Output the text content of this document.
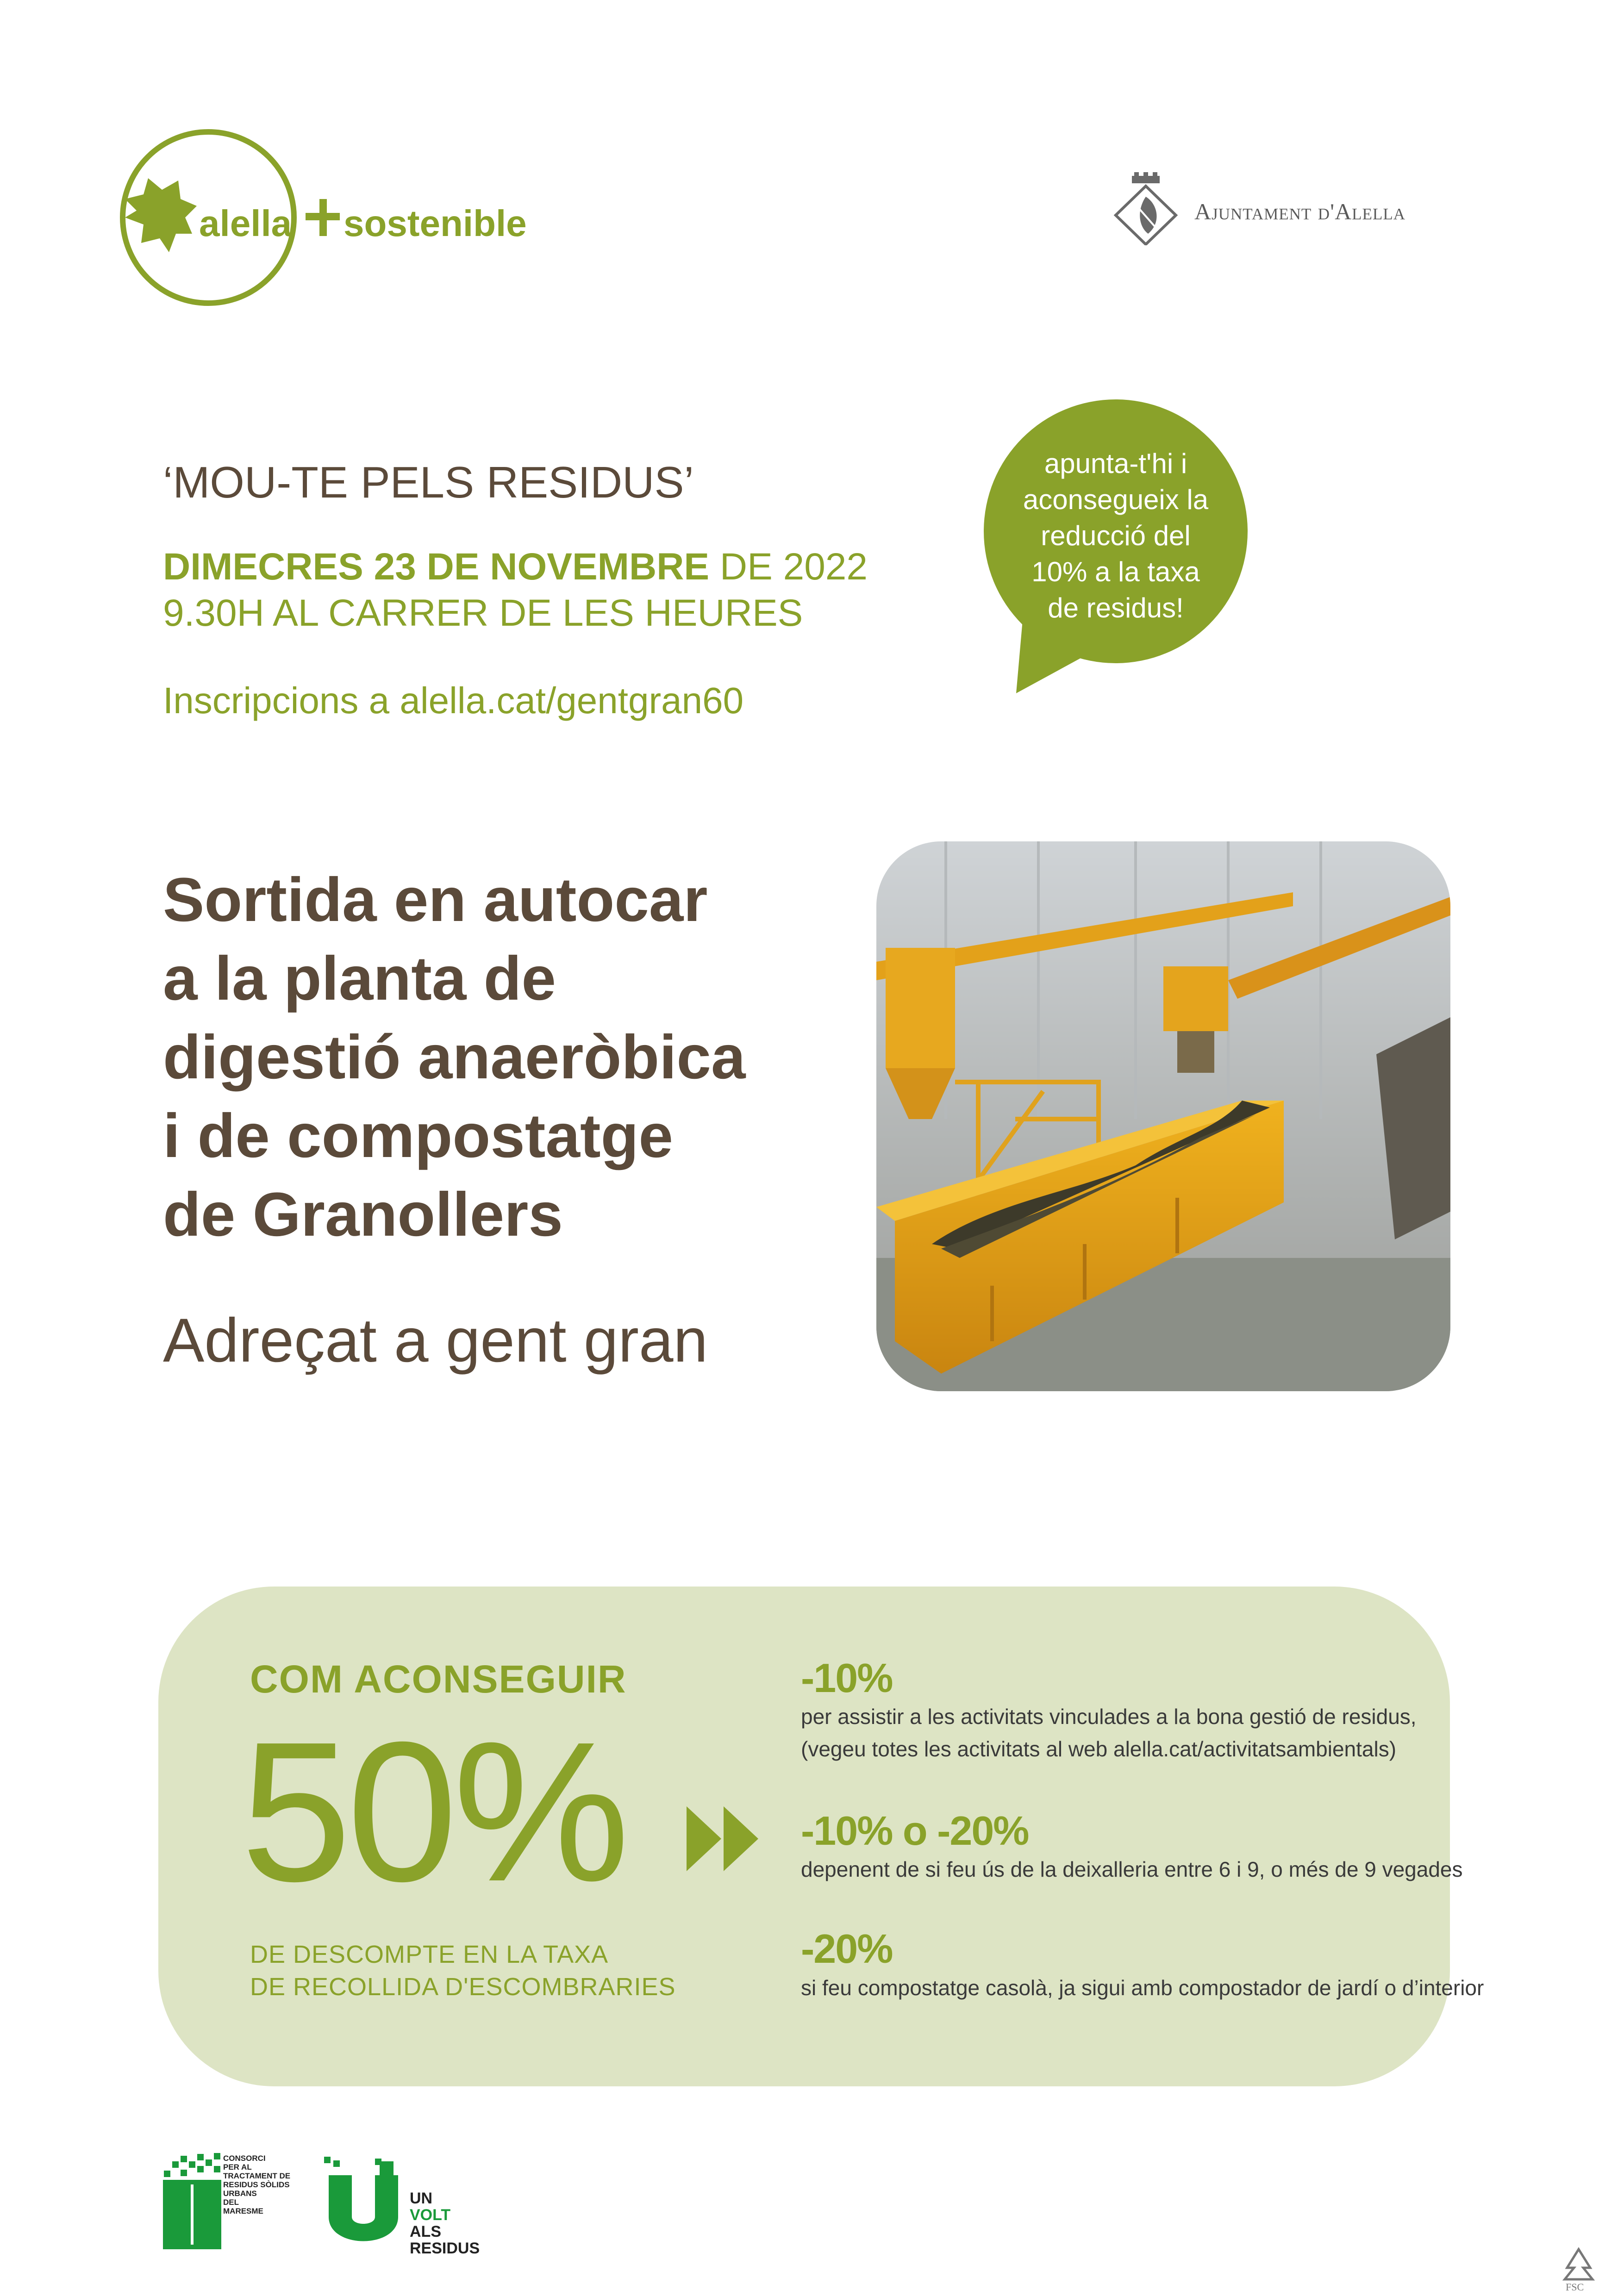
alella sostenible	Ajuntament d'Alella
‘MOU-TE PELS RESIDUS’
DIMECRES 23 DE NOVEMBRE DE 2022
9.30H AL CARRER DE LES HEURES
Inscripcions a alella.cat/gentgran60
apunta-t'hi i
aconsegueix la
reducció del
10% a la taxa
de residus!
Sortida en autocar
a la planta de
digestió anaeròbica
i de compostatge
de Granollers
Adreçat a gent gran
COM ACONSEGUIR
50%
DE DESCOMPTE EN LA TAXA
DE RECOLLIDA D'ESCOMBRARIES
-10%
per assistir a les activitats vinculades a la bona gestió de residus,
(vegeu totes les activitats al web alella.cat/activitatsambientals)
-10% o -20%
depenent de si feu ús de la deixalleria entre 6 i 9, o més de 9 vegades
-20%
si feu compostatge casolà, ja sigui amb compostador de jardí o d’interior
CONSORCI
PER AL
TRACTAMENT DE
RESIDUS SÒLIDS
URBANS
DEL
MARESME
UN
VOLT
ALS
RESIDUS
FSC
